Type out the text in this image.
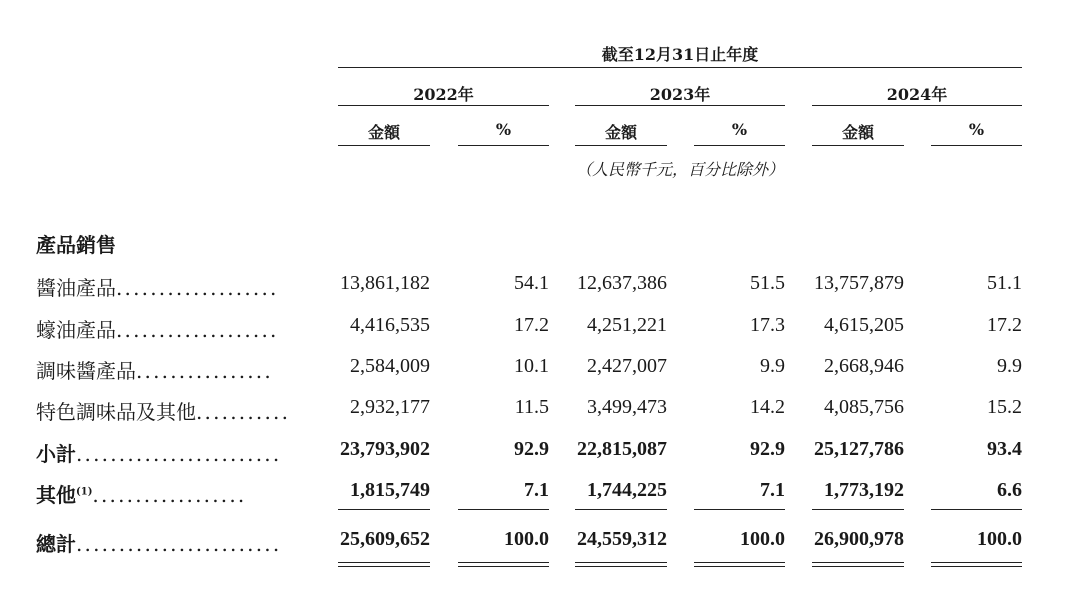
截至12月31日止年度
2022年	2023年	2024年
金額	%	金額	%	金額	%
（人民幣千元，百分比除外）
產品銷售
醬油產品...................	13,861,182	54.1	12,637,386	51.5	13,757,879	51.1
蠔油產品...................	4,416,535	17.2	4,251,221	17.3	4,615,205	17.2
調味醬產品................	2,584,009	10.1	2,427,007	9.9	2,668,946	9.9
特色調味品及其他...........	2,932,177	11.5	3,499,473	14.2	4,085,756	15.2
小計........................	23,793,902	92.9	22,815,087	92.9	25,127,786	93.4
其他$^{(1)}$..................	1,815,749	7.1	1,744,225	7.1	1,773,192	6.6
總計........................	25,609,652	100.0	24,559,312	100.0	26,900,978	100.0
